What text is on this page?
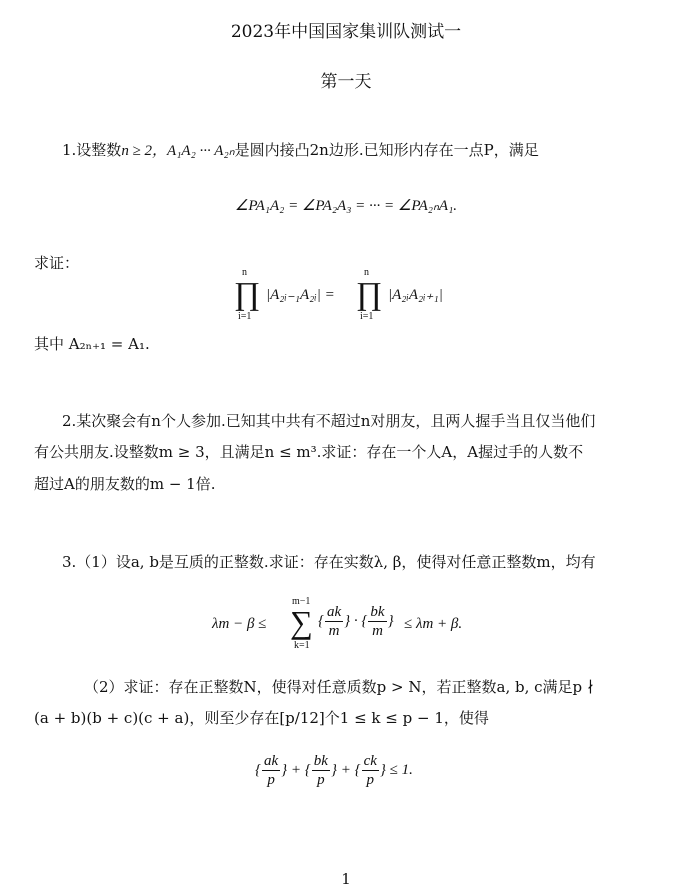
2023年中国国家集训队测试一
第一天
1.设整数n ≥ 2，A₁A₂ ··· A₂ₙ是圆内接凸2n边形.已知形内存在一点P，满足
∠PA₁A₂ = ∠PA₂A₃ = ··· = ∠PA₂ₙA₁.
求证：
n
∏
i=1
|A₂ᵢ₋₁A₂ᵢ| =
n
∏
i=1
|A₂ᵢA₂ᵢ₊₁|
其中 A₂ₙ₊₁ = A₁.
2.某次聚会有n个人参加.已知其中共有不超过n对朋友，且两人握手当且仅当他们
有公共朋友.设整数m ≥ 3，且满足n ≤ m³.求证：存在一个人A，A握过手的人数不
超过A的朋友数的m − 1倍.
3.（1）设a, b是互质的正整数.求证：存在实数λ, β，使得对任意正整数m，均有
λm − β ≤
m−1
∑
k=1
{ $\frac{ak}{m}$ } · { $\frac{bk}{m}$ } ≤ λm + β.
（2）求证：存在正整数N，使得对任意质数p > N，若正整数a, b, c满足p ∤
(a + b)(b + c)(c + a)，则至少存在[p/12]个1 ≤ k ≤ p − 1，使得
{ $\frac{ak}{p}$ } + { $\frac{bk}{p}$ } + { $\frac{ck}{p}$ } ≤ 1.
1
